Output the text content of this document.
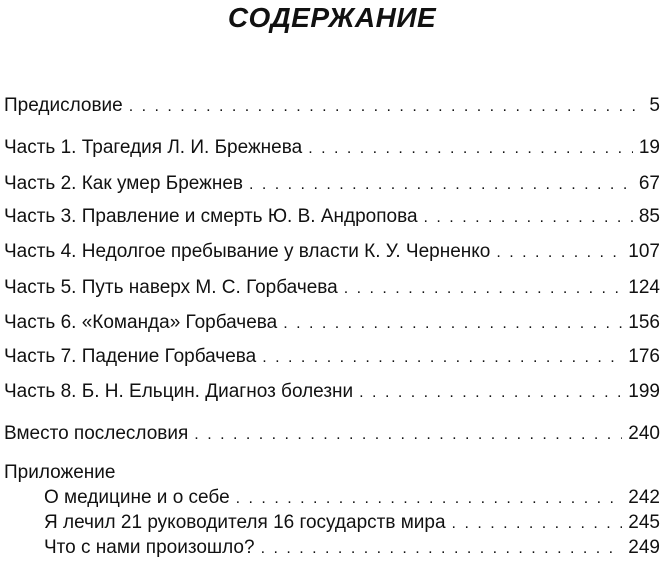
СОДЕРЖАНИЕ
Предисловие . . .	5
Часть 1. Трагедия Л. И. Брежнева . . .	19
Часть 2. Как умер Брежнев . . .	67
Часть 3. Правление и смерть Ю. В. Андропова . . .	85
Часть 4. Недолгое пребывание у власти К. У. Черненко . . .	107
Часть 5. Путь наверх М. С. Горбачева . . .	124
Часть 6. «Команда» Горбачева . . .	156
Часть 7. Падение Горбачева . . .	176
Часть 8. Б. Н. Ельцин. Диагноз болезни . . .	199
Вместо послесловия . . .	240
Приложение
О медицине и о себе . . .	242
Я лечил 21 руководителя 16 государств мира . . .	245
Что с нами произошло? . . .	249
